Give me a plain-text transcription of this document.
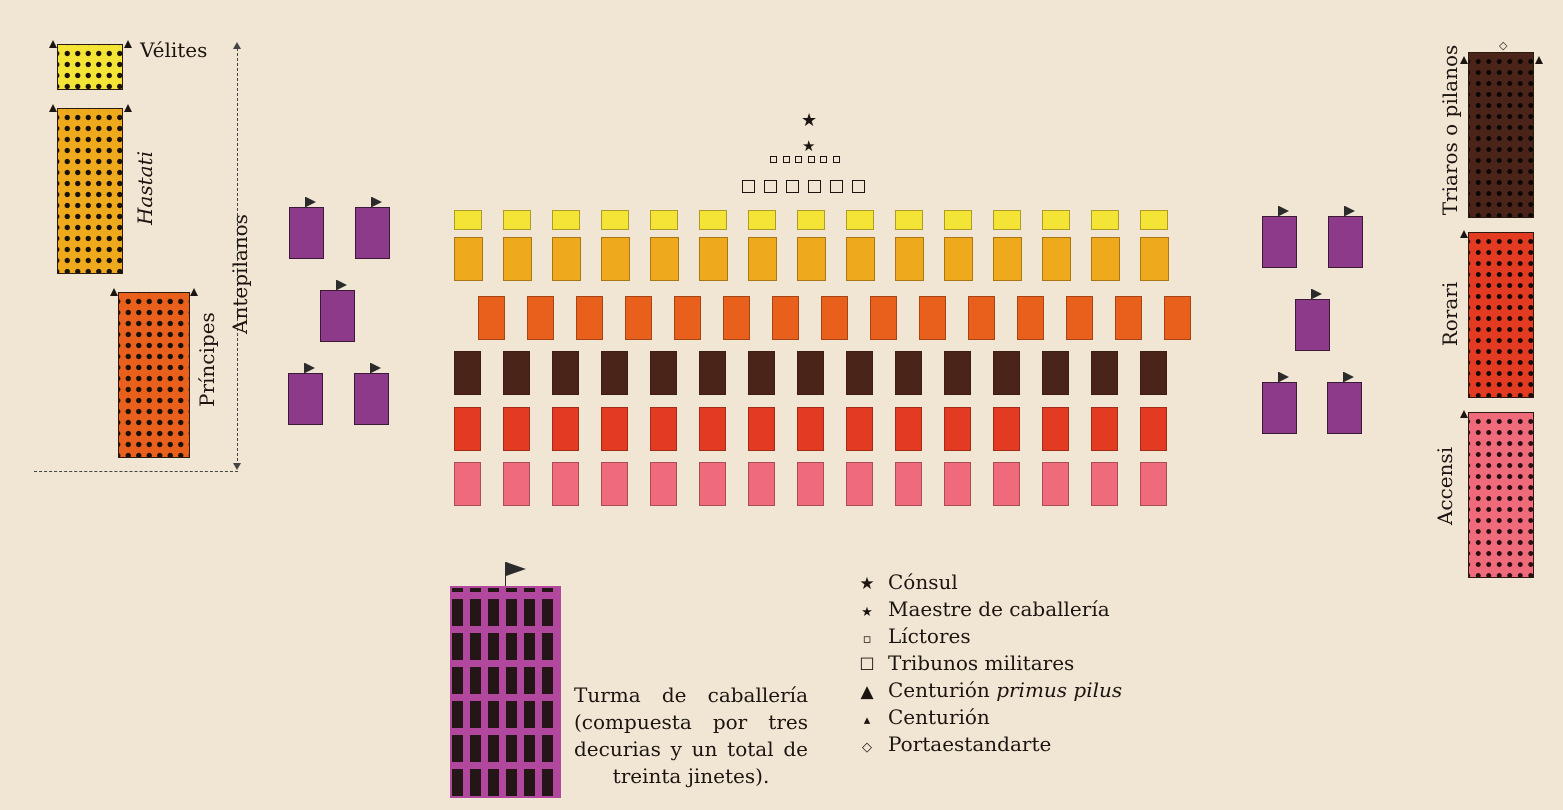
Vélites
Hastati
Príncipes
Antepilanos
★
★	Triaros o pilanos	◇
Rorari
Accensi
Turma de caballería
(compuesta por tres
decurias y un total de
treinta jinetes).
★ Cónsul
★ Maestre de caballería
▫ Líctores
☐ Tribunos militares
▲ Centurión primus pilus
▴ Centurión
◇ Portaestandarte
